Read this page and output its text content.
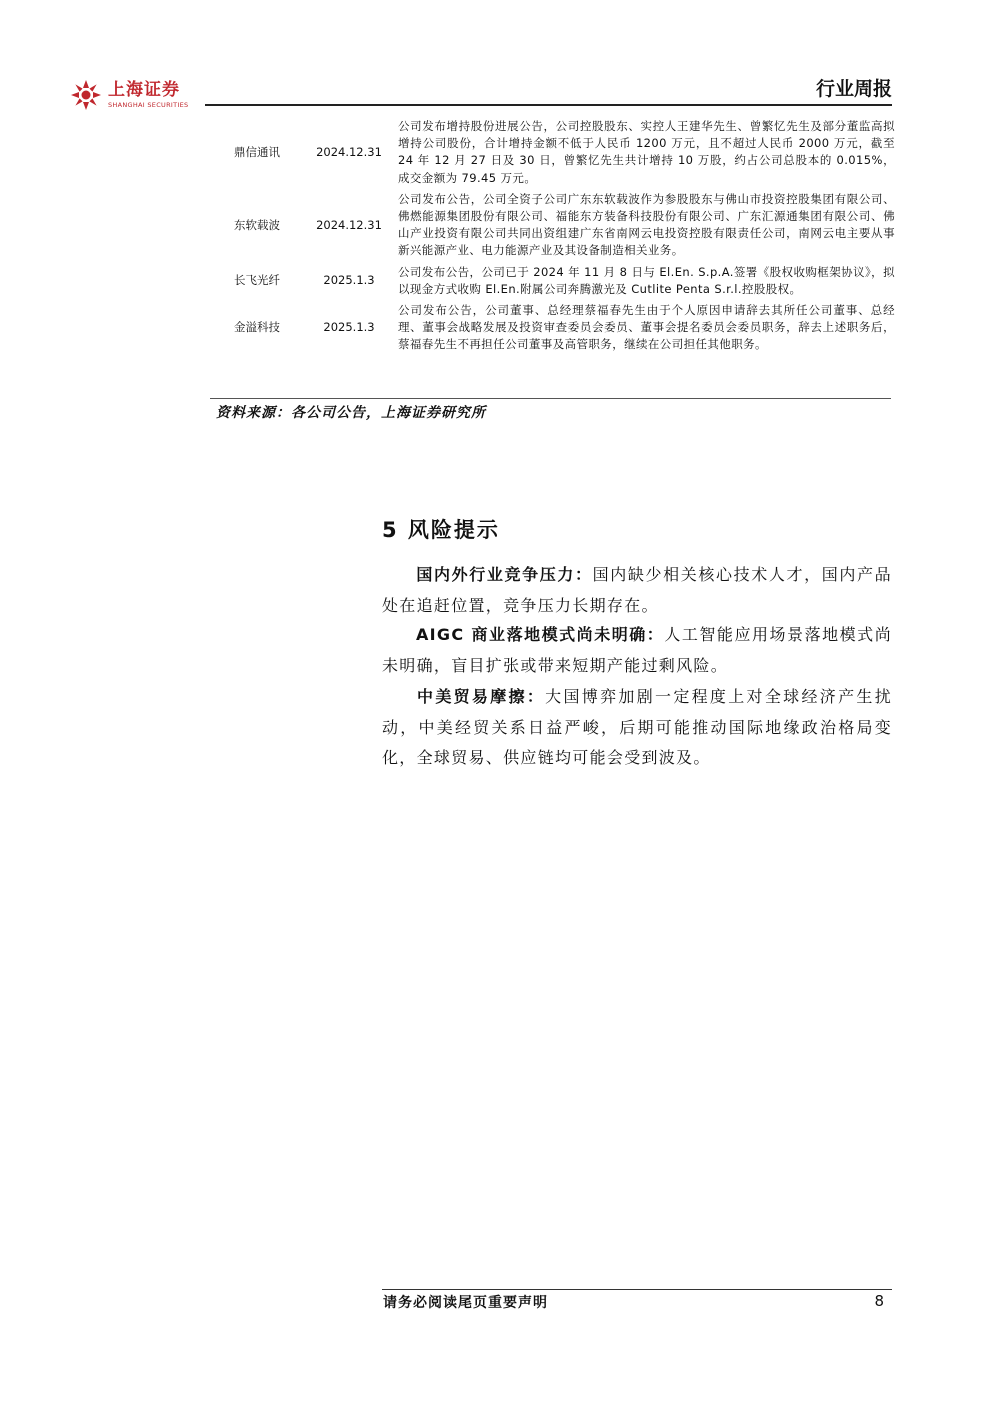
上海证券
SHANGHAI SECURITIES
行业周报
鼎信通讯	2024.12.31	公司发布增持股份进展公告，公司控股股东、实控人王建华先生、曾繁忆先生及部分董监高拟增持公司股份，合计增持金额不低于人民币 1200 万元，且不超过人民币 2000 万元，截至 24 年 12 月 27 日及 30 日，曾繁忆先生共计增持 10 万股，约占公司总股本的 0.015%，成交金额为 79.45 万元。
东软载波	2024.12.31	公司发布公告，公司全资子公司广东东软载波作为参股股东与佛山市投资控股集团有限公司、佛燃能源集团股份有限公司、福能东方装备科技股份有限公司、广东汇源通集团有限公司、佛山产业投资有限公司共同出资组建广东省南网云电投资控股有限责任公司，南网云电主要从事新兴能源产业、电力能源产业及其设备制造相关业务。
长飞光纤	2025.1.3	公司发布公告，公司已于 2024 年 11 月 8 日与 El.En. S.p.A.签署《股权收购框架协议》，拟以现金方式收购 El.En.附属公司奔腾激光及 Cutlite Penta S.r.l.控股股权。
金溢科技	2025.1.3	公司发布公告，公司董事、总经理蔡福春先生由于个人原因申请辞去其所任公司董事、总经理、董事会战略发展及投资审查委员会委员、董事会提名委员会委员职务，辞去上述职务后，蔡福春先生不再担任公司董事及高管职务，继续在公司担任其他职务。
资料来源：各公司公告，上海证券研究所
5 风险提示

国内外行业竞争压力：国内缺少相关核心技术人才，国内产品处在追赶位置，竞争压力长期存在。

AIGC 商业落地模式尚未明确：人工智能应用场景落地模式尚未明确，盲目扩张或带来短期产能过剩风险。

中美贸易摩擦：大国博弈加剧一定程度上对全球经济产生扰动，中美经贸关系日益严峻，后期可能推动国际地缘政治格局变化，全球贸易、供应链均可能会受到波及。

请务必阅读尾页重要声明	8
